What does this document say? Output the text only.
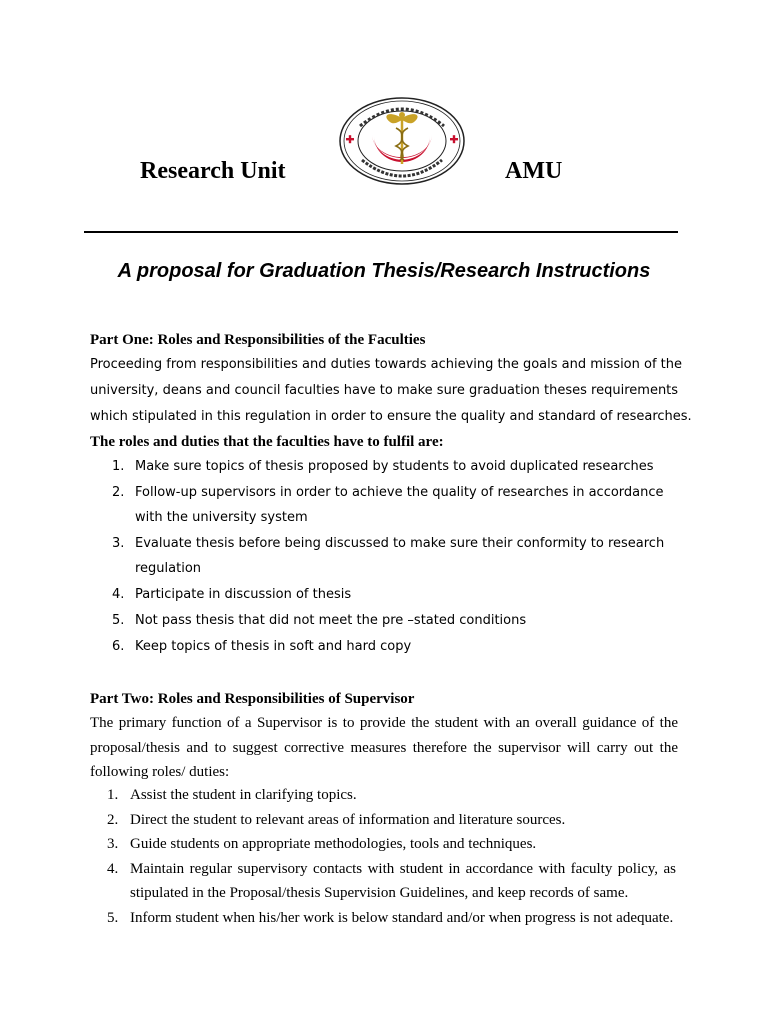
Research Unit	AMU
A proposal for Graduation Thesis/Research Instructions
Part One: Roles and Responsibilities of the Faculties

Proceeding from responsibilities and duties towards achieving the goals and mission of the
university, deans and council faculties have to make sure graduation theses requirements
which stipulated in this regulation in order to ensure the quality and standard of researches.

The roles and duties that the faculties have to fulfil are:
1. Make sure topics of thesis proposed by students to avoid duplicated researches
2. Follow-up supervisors in order to achieve the quality of researches in accordance with the university system
3. Evaluate thesis before being discussed to make sure their conformity to research regulation
4. Participate in discussion of thesis
5. Not pass thesis that did not meet the pre –stated conditions
6. Keep topics of thesis in soft and hard copy
Part Two: Roles and Responsibilities of Supervisor

The primary function of a Supervisor is to provide the student with an overall guidance of the proposal/thesis and to suggest corrective measures therefore the supervisor will carry out the following roles/ duties:

1. Assist the student in clarifying topics.
2. Direct the student to relevant areas of information and literature sources.
3. Guide students on appropriate methodologies, tools and techniques.
4. Maintain regular supervisory contacts with student in accordance with faculty policy, as stipulated in the Proposal/thesis Supervision Guidelines, and keep records of same.
5. Inform student when his/her work is below standard and/or when progress is not adequate.
